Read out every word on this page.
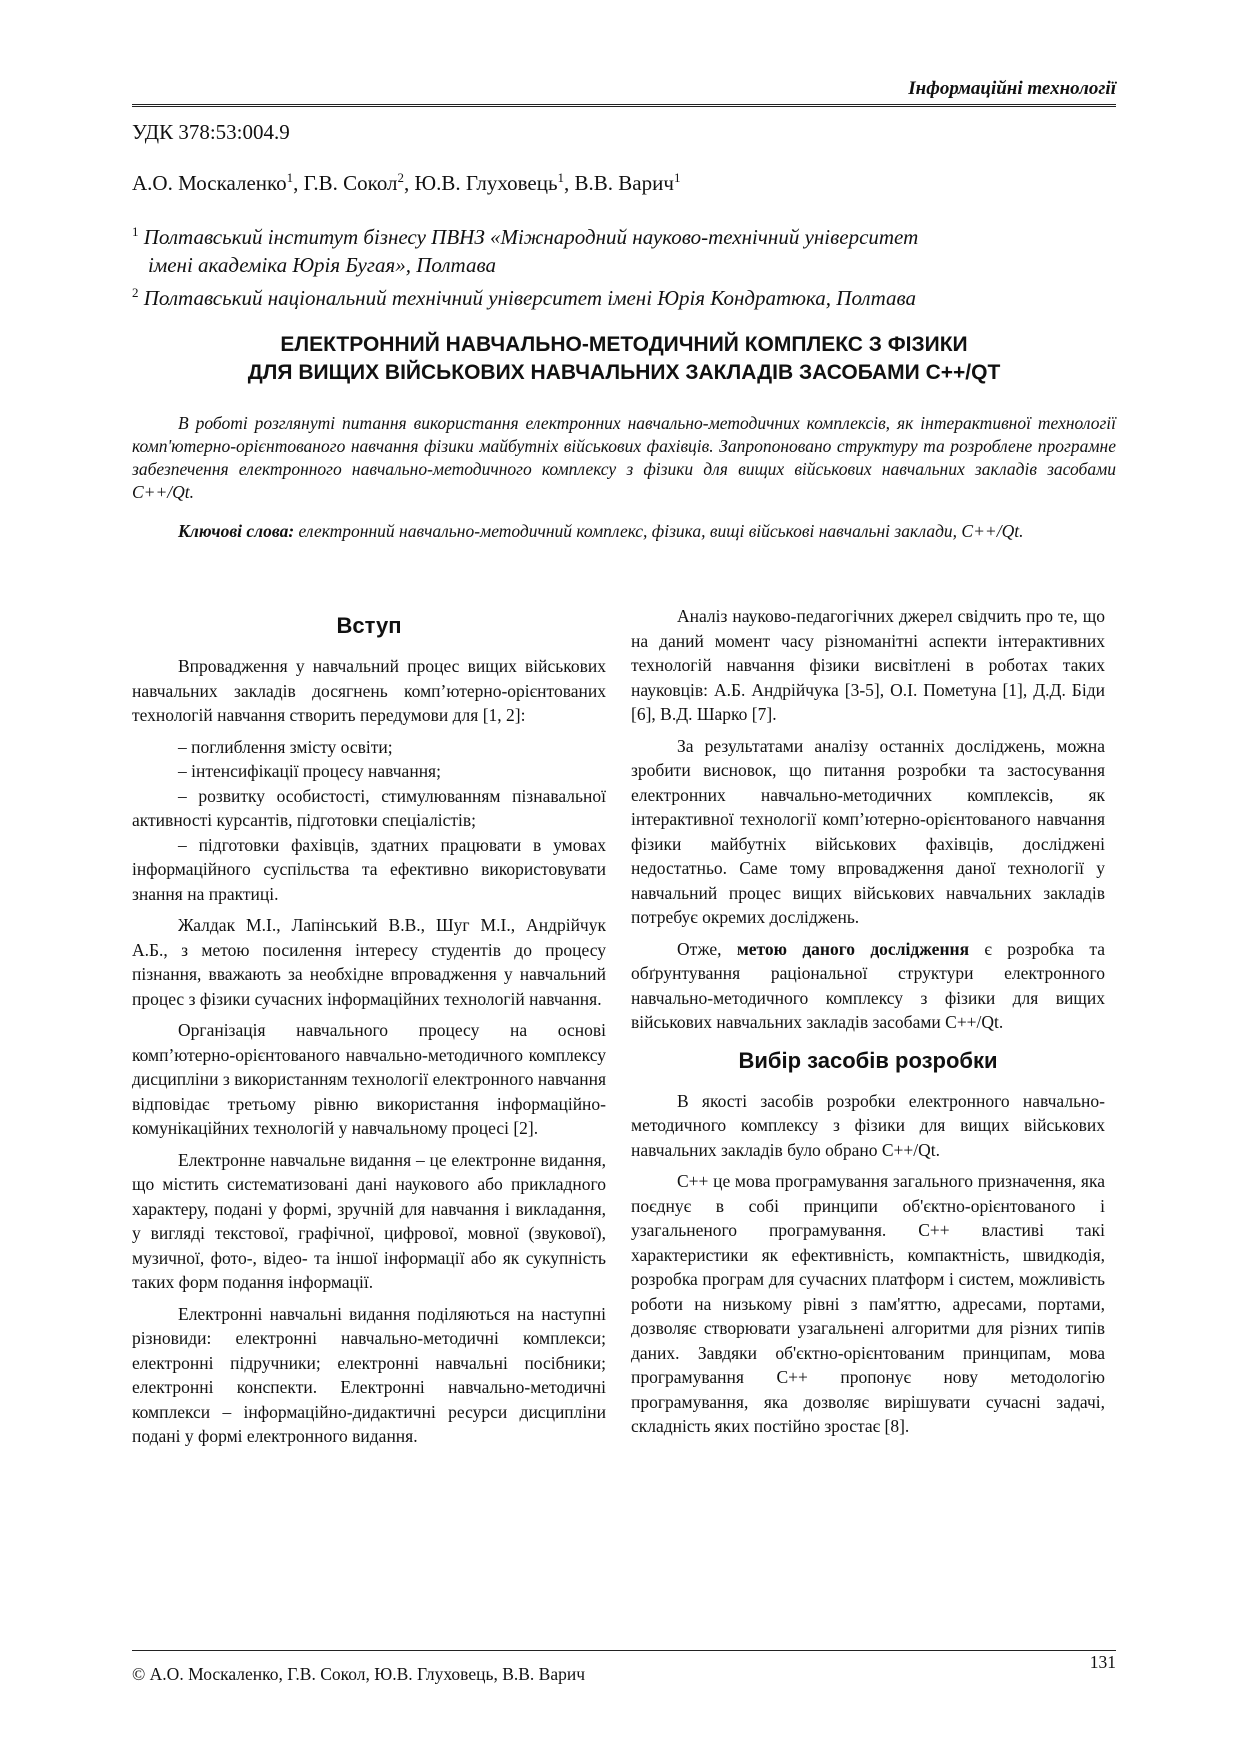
Інформаційні технології
УДК 378:53:004.9
А.О. Москаленко$^1$, Г.В. Сокол$^2$, Ю.В. Глуховець$^1$, В.В. Варич$^1$

$^1$ Полтавський інститут бізнесу ПВНЗ «Міжнародний науково-технічний університет

імені академіка Юрія Бугая», Полтава

$^2$ Полтавський національний технічний університет імені Юрія Кондратюка, Полтава

ЕЛЕКТРОННИЙ НАВЧАЛЬНО-МЕТОДИЧНИЙ КОМПЛЕКС З ФІЗИКИ

ДЛЯ ВИЩИХ ВІЙСЬКОВИХ НАВЧАЛЬНИХ ЗАКЛАДІВ ЗАСОБАМИ C++/QT

В роботі розглянуті питання використання електронних навчально-методичних комплексів, як інтерактивної технології комп'ютерно-орієнтованого навчання фізики майбутніх військових фахівців. Запропоновано структуру та розроблене програмне забезпечення електронного навчально-методичного комплексу з фізики для вищих військових навчальних закладів засобами С++/Qt.

Ключові слова: електронний навчально-методичний комплекс, фізика, вищі військові навчальні заклади, С++/Qt.

Вступ

Впровадження у навчальний процес вищих військових навчальних закладів досягнень комп’ютерно-орієнтованих технологій навчання створить передумови для [1, 2]:

– поглиблення змісту освіти;

– інтенсифікації процесу навчання;

– розвитку особистості, стимулюванням пізнавальної активності курсантів, підготовки спеціалістів;

– підготовки фахівців, здатних працювати в умовах інформаційного суспільства та ефективно використовувати знання на практиці.

Жалдак М.І., Лапінський В.В., Шуг М.І., Андрійчук А.Б., з метою посилення інтересу студентів до процесу пізнання, вважають за необхідне впровадження у навчальний процес з фізики сучасних інформаційних технологій навчання.

Організація навчального процесу на основі комп’ютерно-орієнтованого навчально-методичного комплексу дисципліни з використанням технології електронного навчання відповідає третьому рівню використання інформаційно-комунікаційних технологій у навчальному процесі [2].

Електронне навчальне видання – це електронне видання, що містить систематизовані дані наукового або прикладного характеру, подані у формі, зручній для навчання і викладання, у вигляді текстової, графічної, цифрової, мовної (звукової), музичної, фото-, відео- та іншої інформації або як сукупність таких форм подання інформації.

Електронні навчальні видання поділяються на наступні різновиди: електронні навчально-методичні комплекси; електронні підручники; електронні навчальні посібники; електронні конспекти. Електронні навчально-методичні комплекси – інформаційно-дидактичні ресурси дисципліни подані у формі електронного видання.

Аналіз науково-педагогічних джерел свідчить про те, що на даний момент часу різноманітні аспекти інтерактивних технологій навчання фізики висвітлені в роботах таких науковців: А.Б. Андрійчука [3-5], О.І. Пометуна [1], Д.Д. Біди [6], В.Д. Шарко [7].

За результатами аналізу останніх досліджень, можна зробити висновок, що питання розробки та застосування електронних навчально-методичних комплексів, як інтерактивної технології комп’ютерно-орієнтованого навчання фізики майбутніх військових фахівців, досліджені недостатньо. Саме тому впровадження даної технології у навчальний процес вищих військових навчальних закладів потребує окремих досліджень.

Отже, метою даного дослідження є розробка та обґрунтування раціональної структури електронного навчально-методичного комплексу з фізики для вищих військових навчальних закладів засобами С++/Qt.

Вибір засобів розробки

В якості засобів розробки електронного навчально-методичного комплексу з фізики для вищих військових навчальних закладів було обрано С++/Qt.

С++ це мова програмування загального призначення, яка поєднує в собі принципи об'єктно-орієнтованого і узагальненого програмування. С++ властиві такі характеристики як ефективність, компактність, швидкодія, розробка програм для сучасних платформ і систем, можливість роботи на низькому рівні з пам'яттю, адресами, портами, дозволяє створювати узагальнені алгоритми для різних типів даних. Завдяки об'єктно-орієнтованим принципам, мова програмування С++ пропонує нову методологію програмування, яка дозволяє вирішувати сучасні задачі, складність яких постійно зростає [8].

© А.О. Москаленко, Г.В. Сокол, Ю.В. Глуховець, В.В. Варич
131
